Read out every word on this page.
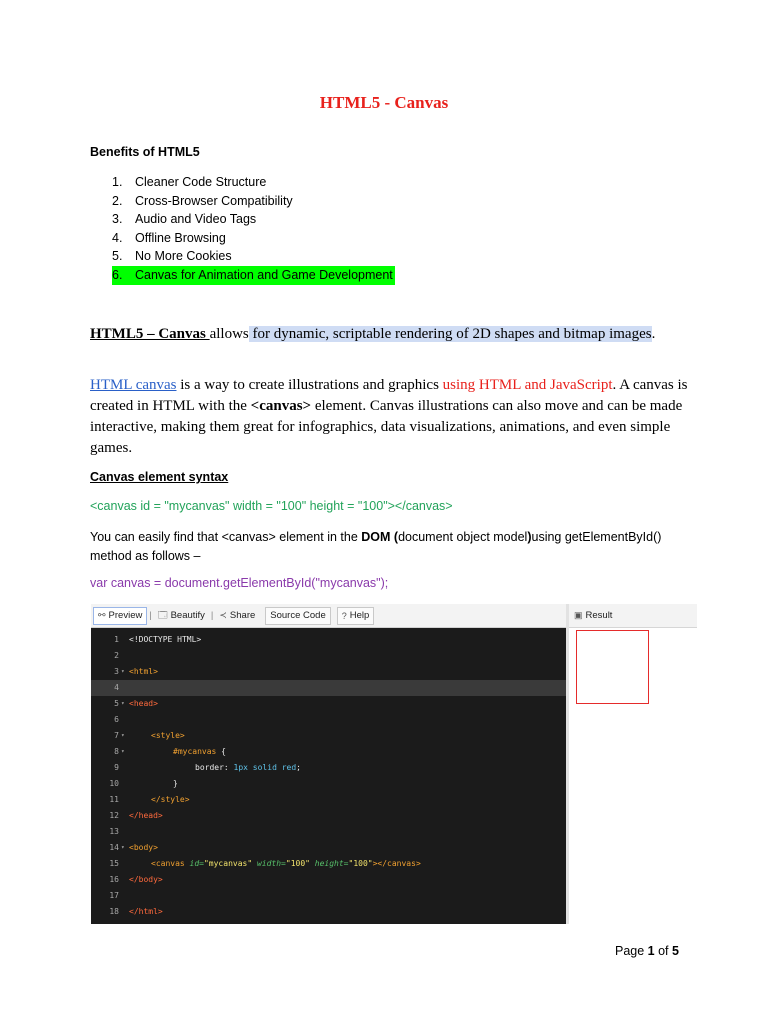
HTML5 - Canvas
Benefits of HTML5
1. Cleaner Code Structure
2. Cross-Browser Compatibility
3. Audio and Video Tags
4. Offline Browsing
5. No More Cookies
6. Canvas for Animation and Game Development

HTML5 – Canvas allows for dynamic, scriptable rendering of 2D shapes and bitmap images.

HTML canvas is a way to create illustrations and graphics using HTML and JavaScript. A canvas is created in HTML with the <canvas> element. Canvas illustrations can also move and can be made interactive, making them great for infographics, data visualizations, animations, and even simple games.

Canvas element syntax
<canvas id = "mycanvas" width = "100" height = "100"></canvas>

You can easily find that <canvas> element in the DOM (document object model)using getElementById() method as follows –

var canvas = document.getElementById("mycanvas");
⚯ Preview | 🗔 Beautify | ≺ Share Source Code ? Help
1 <!DOCTYPE HTML>
2
3 ▾ <html>
4
5 ▾ <head>
6
7 ▾	<style>
8 ▾	#mycanvas {
9	border: 1px solid red;
10	}
11	</style>
12 </head>
13
14 ▾ <body>
15	<canvas id="mycanvas" width="100" height="100"></canvas>
16 </body>
17
18 </html>
▣ Result
Page 1 of 5
